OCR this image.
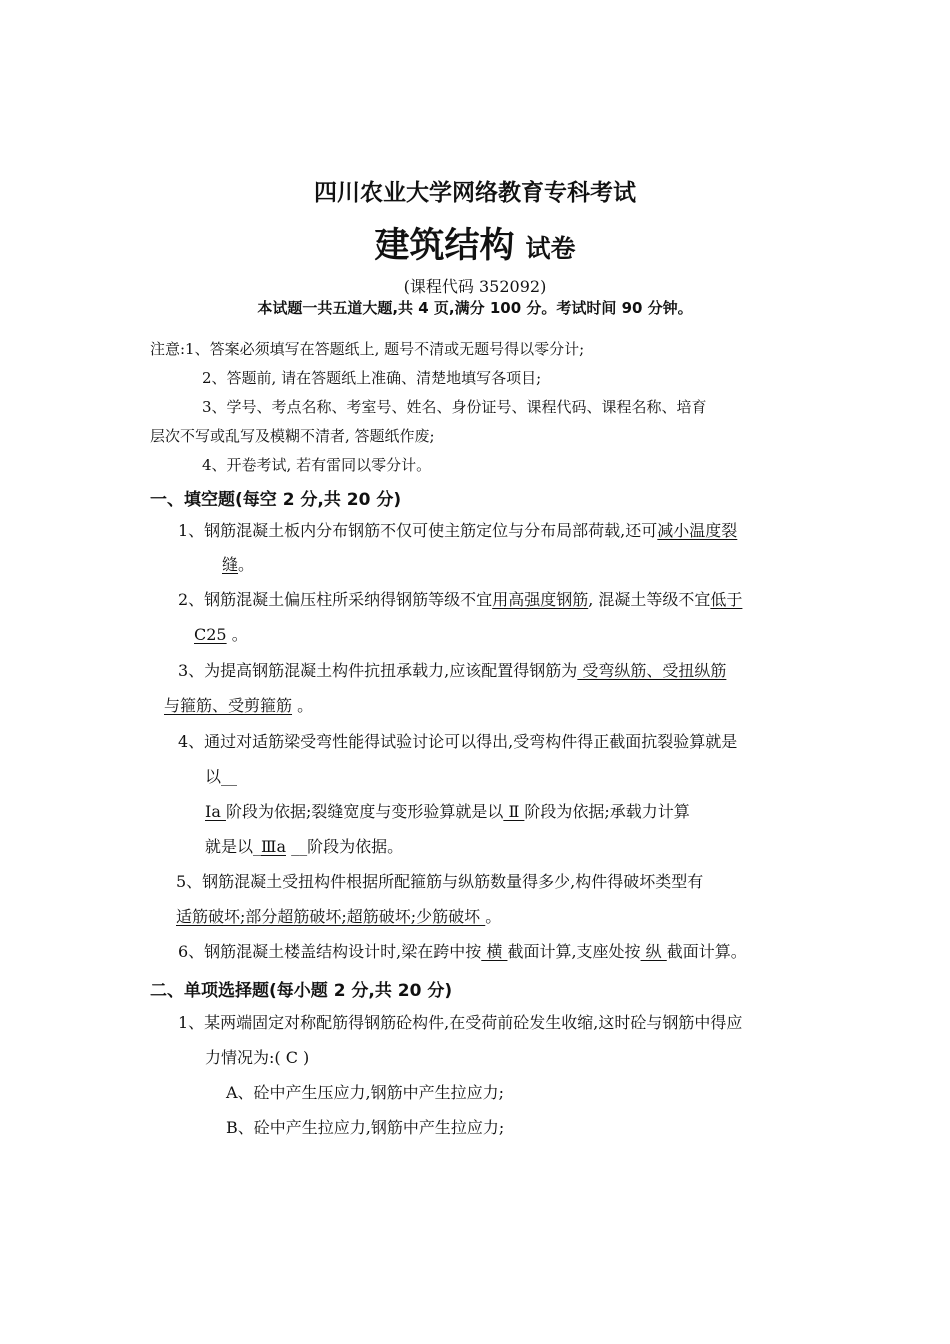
四川农业大学网络教育专科考试
建筑结构 试卷
(课程代码 352092)
本试题一共五道大题,共 4 页,满分 100 分。考试时间 90 分钟。
注意:1、答案必须填写在答题纸上, 题号不清或无题号得以零分计;
2、答题前, 请在答题纸上准确、清楚地填写各项目;
3、学号、考点名称、考室号、姓名、身份证号、课程代码、课程名称、培育
层次不写或乱写及模糊不清者, 答题纸作废;
4、开卷考试, 若有雷同以零分计。
一、填空题(每空 2 分,共 20 分)
1、钢筋混凝土板内分布钢筋不仅可使主筋定位与分布局部荷载,还可减小温度裂
缝。
2、钢筋混凝土偏压柱所采纳得钢筋等级不宜用高强度钢筋, 混凝土等级不宜低于
C25 。
3、为提高钢筋混凝土构件抗扭承载力,应该配置得钢筋为 受弯纵筋、受扭纵筋
与箍筋、受剪箍筋 。
4、通过对适筋梁受弯性能得试验讨论可以得出,受弯构件得正截面抗裂验算就是
以__
Ⅰa 阶段为依据;裂缝宽度与变形验算就是以 Ⅱ 阶段为依据;承载力计算
就是以_Ⅲa __阶段为依据。
5、钢筋混凝土受扭构件根据所配箍筋与纵筋数量得多少,构件得破坏类型有
适筋破坏;部分超筋破坏;超筋破坏;少筋破坏 。
6、钢筋混凝土楼盖结构设计时,梁在跨中按 横 截面计算,支座处按 纵 截面计算。
二、单项选择题(每小题 2 分,共 20 分)
1、某两端固定对称配筋得钢筋砼构件,在受荷前砼发生收缩,这时砼与钢筋中得应
力情况为:( C )
A、砼中产生压应力,钢筋中产生拉应力;
B、砼中产生拉应力,钢筋中产生拉应力;
